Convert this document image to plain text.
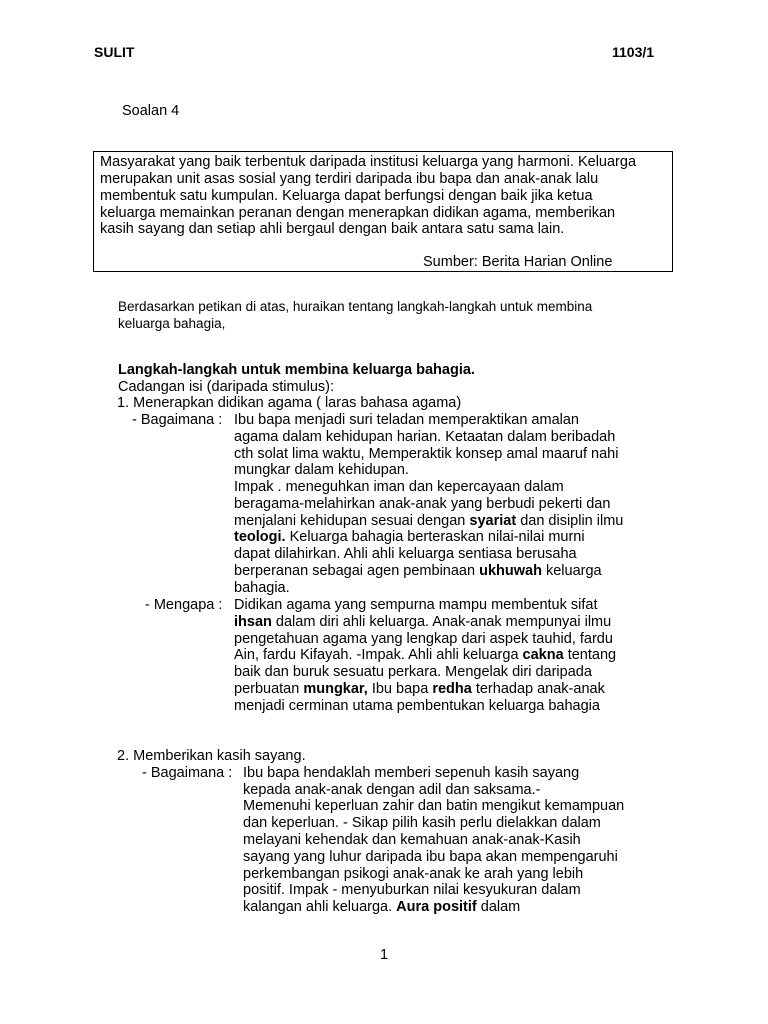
SULIT	1103/1
Soalan 4
Masyarakat yang baik terbentuk daripada institusi keluarga yang harmoni. Keluarga
merupakan unit asas sosial yang terdiri daripada ibu bapa dan anak-anak lalu
membentuk satu kumpulan. Keluarga dapat berfungsi dengan baik jika ketua
keluarga memainkan peranan dengan menerapkan didikan agama, memberikan
kasih sayang dan setiap ahli bergaul dengan baik antara satu sama lain.
Sumber: Berita Harian Online
Berdasarkan petikan di atas, huraikan tentang langkah-langkah untuk membina
keluarga bahagia,
Langkah-langkah untuk membina keluarga bahagia.
Cadangan isi (daripada stimulus):
1. Menerapkan didikan agama ( laras bahasa agama)
- Bagaimana : Ibu bapa menjadi suri teladan memperaktikan amalan
agama dalam kehidupan harian. Ketaatan dalam beribadah
cth solat lima waktu, Memperaktik konsep amal maaruf nahi
mungkar dalam kehidupan.
Impak . meneguhkan iman dan kepercayaan dalam
beragama-melahirkan anak-anak yang berbudi pekerti dan
menjalani kehidupan sesuai dengan syariat dan disiplin ilmu
teologi. Keluarga bahagia berteraskan nilai-nilai murni
dapat dilahirkan. Ahli ahli keluarga sentiasa berusaha
berperanan sebagai agen pembinaan ukhuwah keluarga
bahagia.
- Mengapa : Didikan agama yang sempurna mampu membentuk sifat
ihsan dalam diri ahli keluarga. Anak-anak mempunyai ilmu
pengetahuan agama yang lengkap dari aspek tauhid, fardu
Ain, fardu Kifayah. -Impak. Ahli ahli keluarga cakna tentang
baik dan buruk sesuatu perkara. Mengelak diri daripada
perbuatan mungkar, Ibu bapa redha terhadap anak-anak
menjadi cerminan utama pembentukan keluarga bahagia
2. Memberikan kasih sayang.
- Bagaimana : Ibu bapa hendaklah memberi sepenuh kasih sayang
kepada anak-anak dengan adil dan saksama.-
Memenuhi keperluan zahir dan batin mengikut kemampuan
dan keperluan. - Sikap pilih kasih perlu dielakkan dalam
melayani kehendak dan kemahuan anak-anak-Kasih
sayang yang luhur daripada ibu bapa akan mempengaruhi
perkembangan psikogi anak-anak ke arah yang lebih
positif. Impak - menyuburkan nilai kesyukuran dalam
kalangan ahli keluarga. Aura positif dalam
1
